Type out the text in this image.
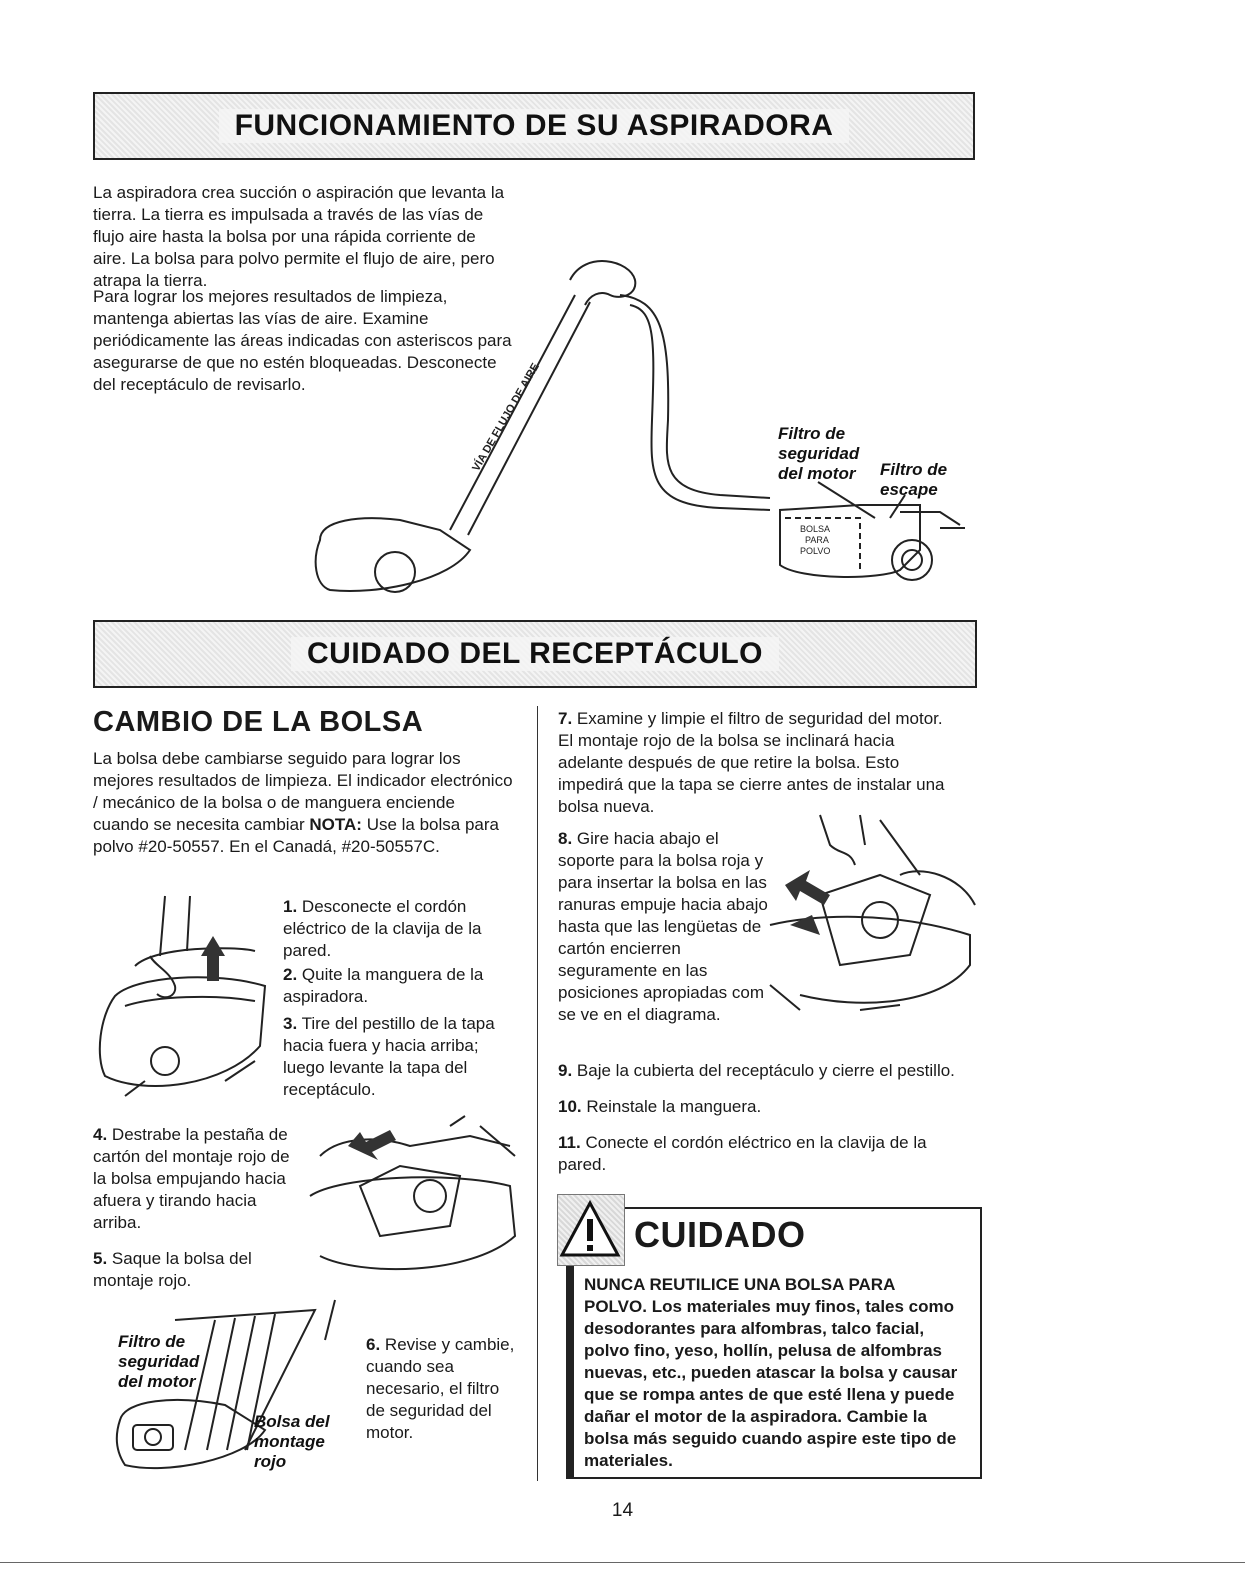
FUNCIONAMIENTO DE SU ASPIRADORA

La aspiradora crea succión o aspiración que levanta la tierra. La tierra es impulsada a través de las vías de flujo aire hasta la bolsa por una rápida corriente de aire. La bolsa para polvo permite el flujo de aire, pero atrapa la tierra.

Para lograr los mejores resultados de limpieza, mantenga abiertas las vías de aire. Examine periódicamente las áreas indicadas con asteriscos para asegurarse de que no estén bloqueadas. Desconecte del receptáculo de revisarlo.	VÍA DE FLUJO DE AIRE
BOLSA
PARA
POLVO
Filtro de
seguridad
del motor Filtro de
escape
CUIDADO DEL RECEPTÁCULO
CAMBIO DE LA BOLSA

La bolsa debe cambiarse seguido para lograr los mejores resultados de limpieza. El indicador electrónico / mecánico de la bolsa o de manguera enciende cuando se necesita cambiar NOTA: Use la bolsa para polvo #20-50557. En el Canadá, #20-50557C.

1. Desconecte el cordón eléctrico de la clavija de la pared.

2. Quite la manguera de la aspiradora.

3. Tire del pestillo de la tapa hacia fuera y hacia arriba; luego levante la tapa del receptáculo.

4. Destrabe la pestaña de cartón del montaje rojo de la bolsa empujando hacia afuera y tirando hacia arriba.

5. Saque la bolsa del montaje rojo.

Filtro de
seguridad
del motor
Bolsa del
montage
rojo

6. Revise y cambie, cuando sea necesario, el filtro de seguridad del motor.

7. Examine y limpie el filtro de seguridad del motor. El montaje rojo de la bolsa se inclinará hacia adelante después de que retire la bolsa. Esto impedirá que la tapa se cierre antes de instalar una bolsa nueva.

8. Gire hacia abajo el soporte para la bolsa roja y para insertar la bolsa en las ranuras empuje hacia abajo hasta que las lengüetas de cartón encierren seguramente en las posiciones apropiadas com se ve en el diagrama.

9. Baje la cubierta del receptáculo y cierre el pestillo.

10. Reinstale la manguera.

11. Conecte el cordón eléctrico en la clavija de la pared.

CUIDADO

NUNCA REUTILICE UNA BOLSA PARA POLVO. Los materiales muy finos, tales como desodorantes para alfombras, talco facial, polvo fino, yeso, hollín, pelusa de alfombras nuevas, etc., pueden atascar la bolsa y causar que se rompa antes de que esté llena y puede dañar el motor de la aspiradora. Cambie la bolsa más seguido cuando aspire este tipo de materiales.

14
